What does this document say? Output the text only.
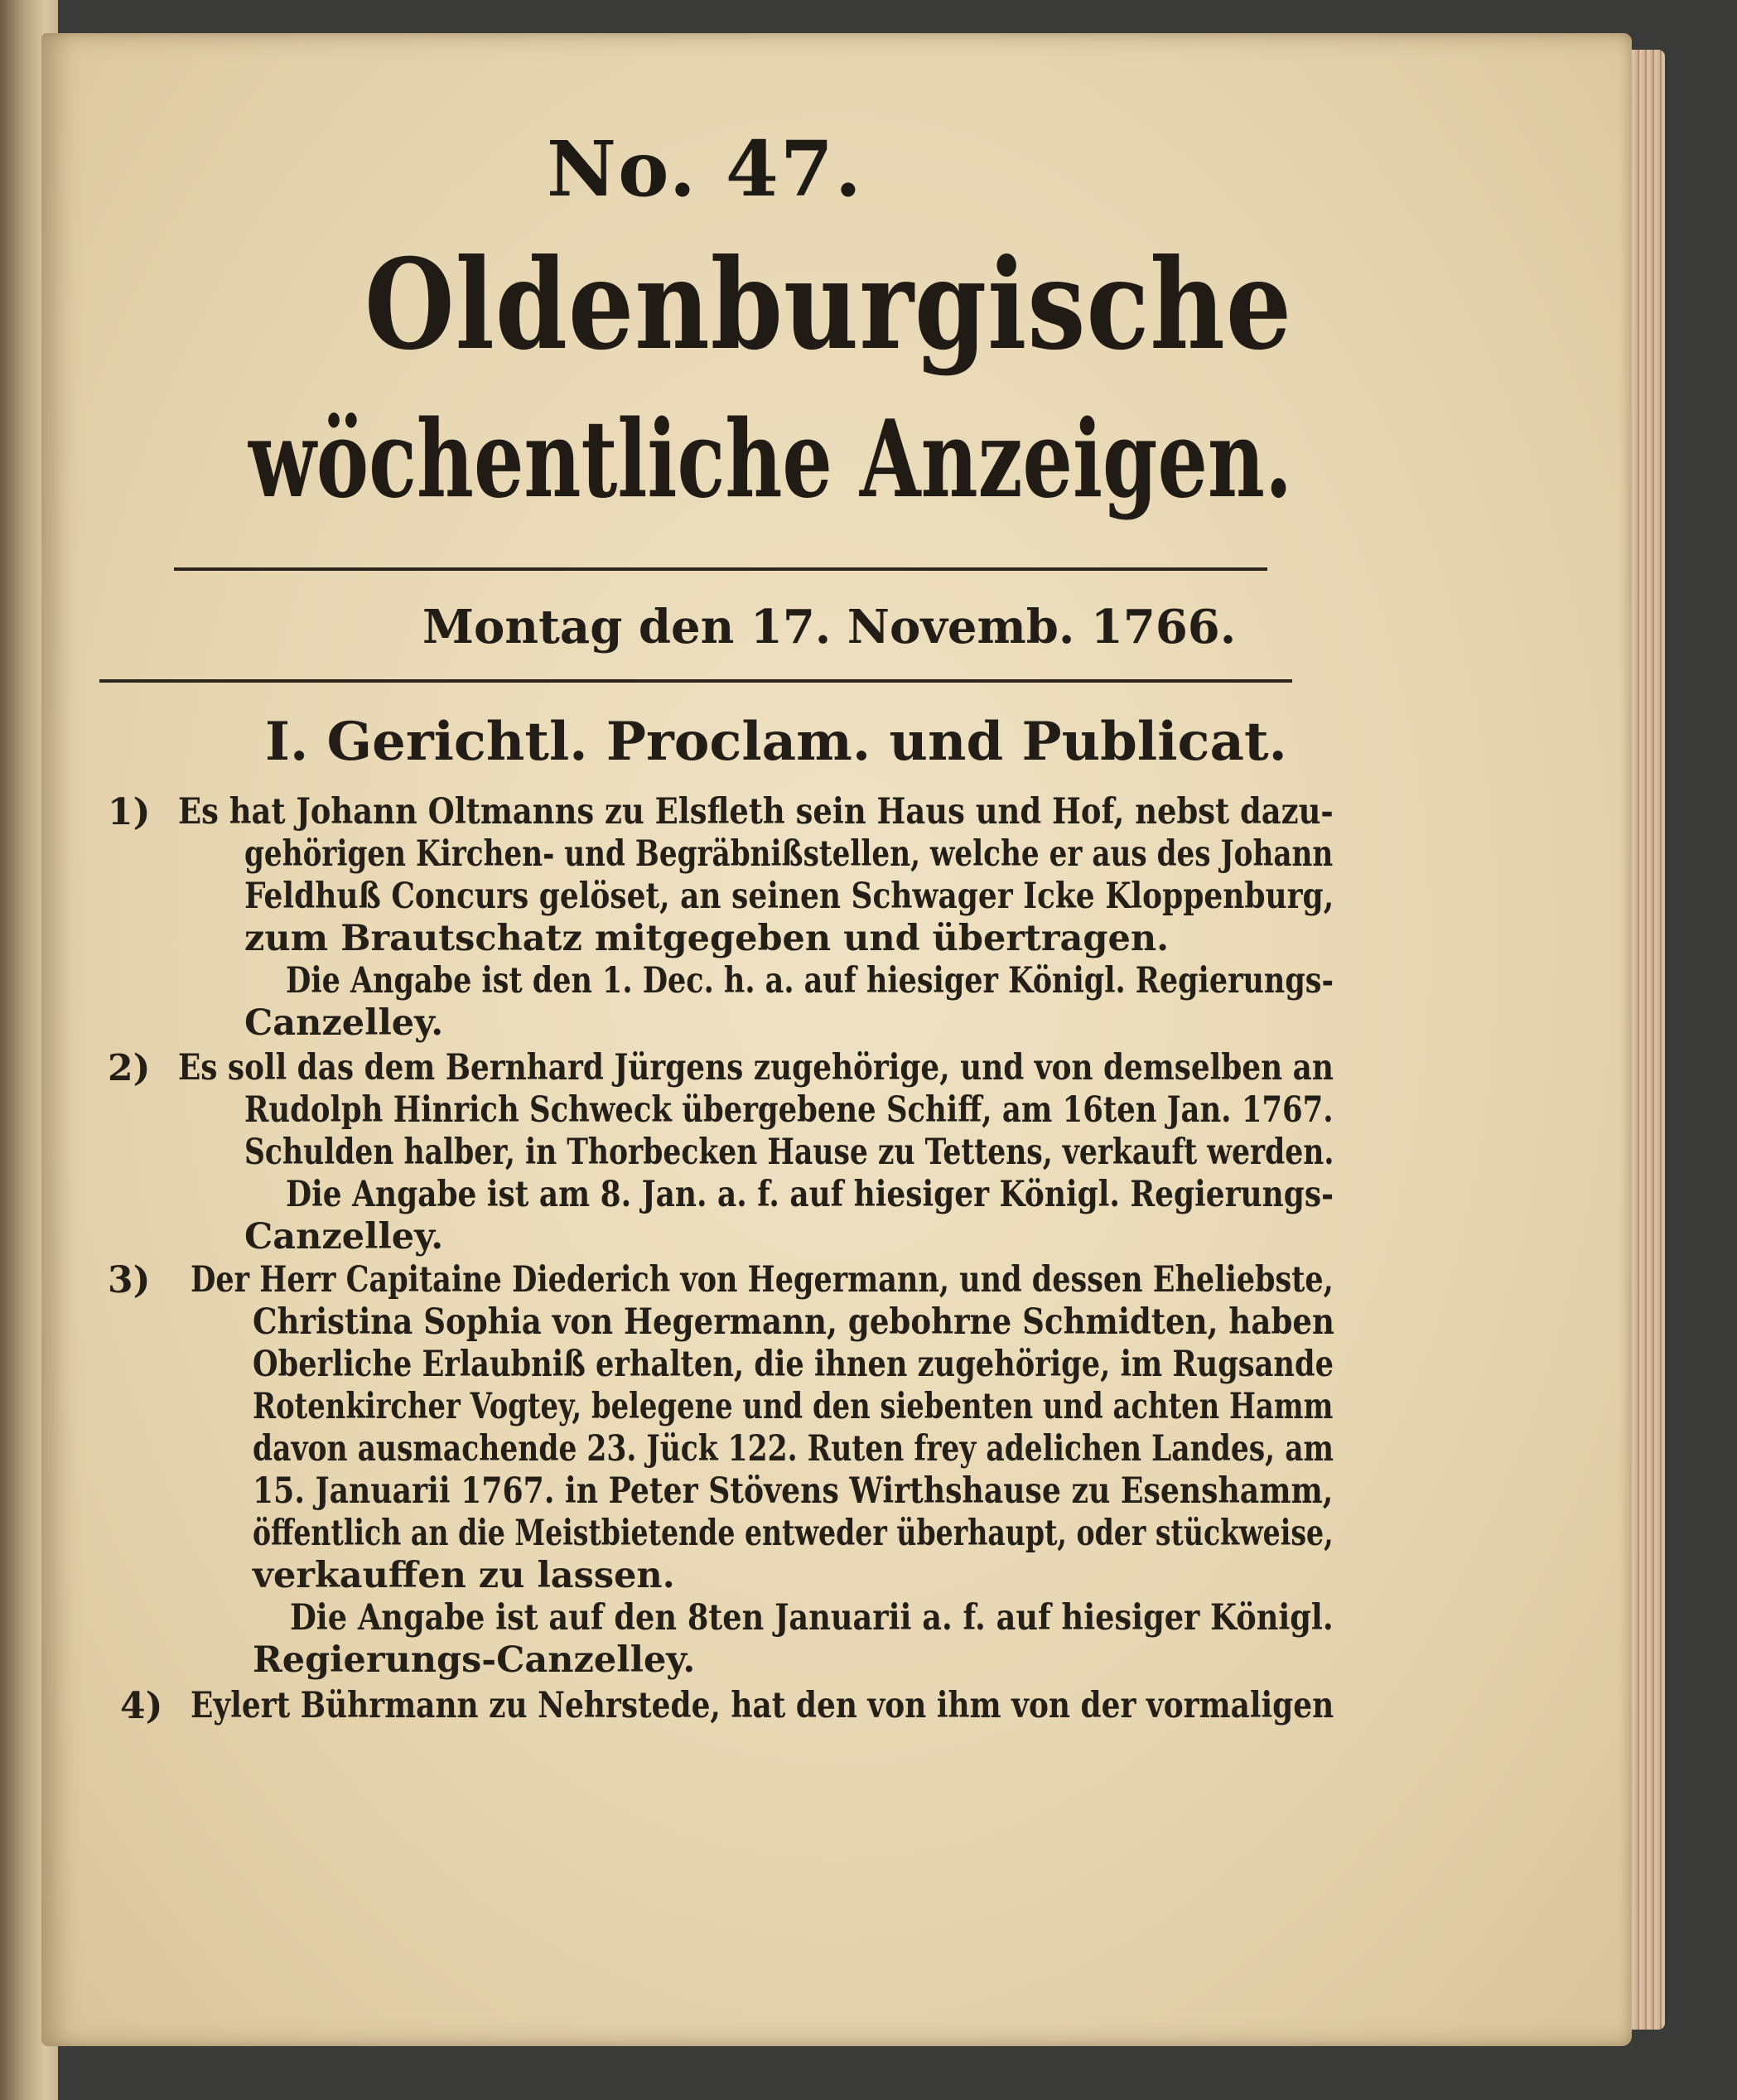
No. 47.
Oldenburgische
wöchentliche Anzeigen.
Montag den 17. Novemb. 1766.
I. Gerichtl. Proclam. und Publicat.
1) Es hat Johann Oltmanns zu Elsfleth sein Haus und Hof, nebst dazu-
gehörigen Kirchen- und Begräbnißstellen, welche er aus des Johann
Feldhuß Concurs gelöset, an seinen Schwager Icke Kloppenburg,
zum Brautschatz mitgegeben und übertragen.
Die Angabe ist den 1. Dec. h. a. auf hiesiger Königl. Regierungs-
Canzelley.
2) Es soll das dem Bernhard Jürgens zugehörige, und von demselben an
Rudolph Hinrich Schweck übergebene Schiff, am 16ten Jan. 1767.
Schulden halber, in Thorbecken Hause zu Tettens, verkauft werden.
Die Angabe ist am 8. Jan. a. f. auf hiesiger Königl. Regierungs-
Canzelley.
3) Der Herr Capitaine Diederich von Hegermann, und dessen Eheliebste,
Christina Sophia von Hegermann, gebohrne Schmidten, haben
Oberliche Erlaubniß erhalten, die ihnen zugehörige, im Rugsande
Rotenkircher Vogtey, belegene und den siebenten und achten Hamm
davon ausmachende 23. Jück 122. Ruten frey adelichen Landes, am
15. Januarii 1767. in Peter Stövens Wirthshause zu Esenshamm,
öffentlich an die Meistbietende entweder überhaupt, oder stückweise,
verkauffen zu lassen.
Die Angabe ist auf den 8ten Januarii a. f. auf hiesiger Königl.
Regierungs-Canzelley.
4) Eylert Bührmann zu Nehrstede, hat den von ihm von der vormaligen
